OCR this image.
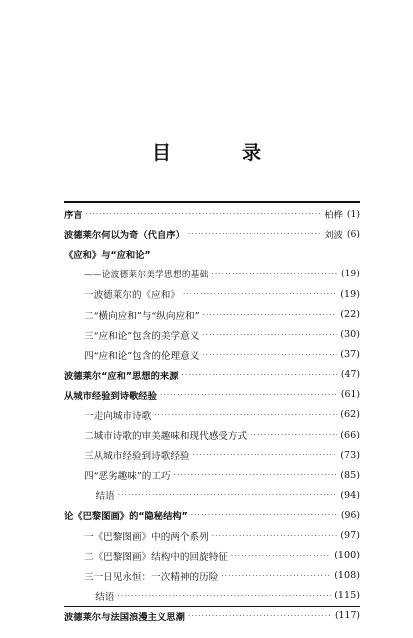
目　录
序言 ·····	柏桦 (1)
波德莱尔何以为奇（代自序） ·····	刘波 (6)
《应和》与“应和论”
——论波德莱尔美学思想的基础 ·····	(19)
一 波德莱尔的《应和》 ·····	(19)
二 “横向应和”与“纵向应和” ·····	(22)
三 “应和论”包含的美学意义 ·····	(30)
四 “应和论”包含的伦理意义 ·····	(37)
波德莱尔“应和”思想的来源 ·····	(47)
从城市经验到诗歌经验 ·····	(61)
一 走向城市诗歌 ·····	(62)
二 城市诗歌的审美趣味和现代感受方式 ·····	(66)
三 从城市经验到诗歌经验 ·····	(73)
四 “恶劣趣味”的工巧 ·····	(85)
结语 ·····	(94)
论《巴黎图画》的“隐秘结构” ·····	(96)
一 《巴黎图画》中的两个系列 ·····	(97)
二 《巴黎图画》结构中的回旋特征 ·····	(100)
三 一日见永恒：一次精神的历险 ·····	(108)
结语 ·····	(115)
波德莱尔与法国浪漫主义思潮 ·····	(117)
